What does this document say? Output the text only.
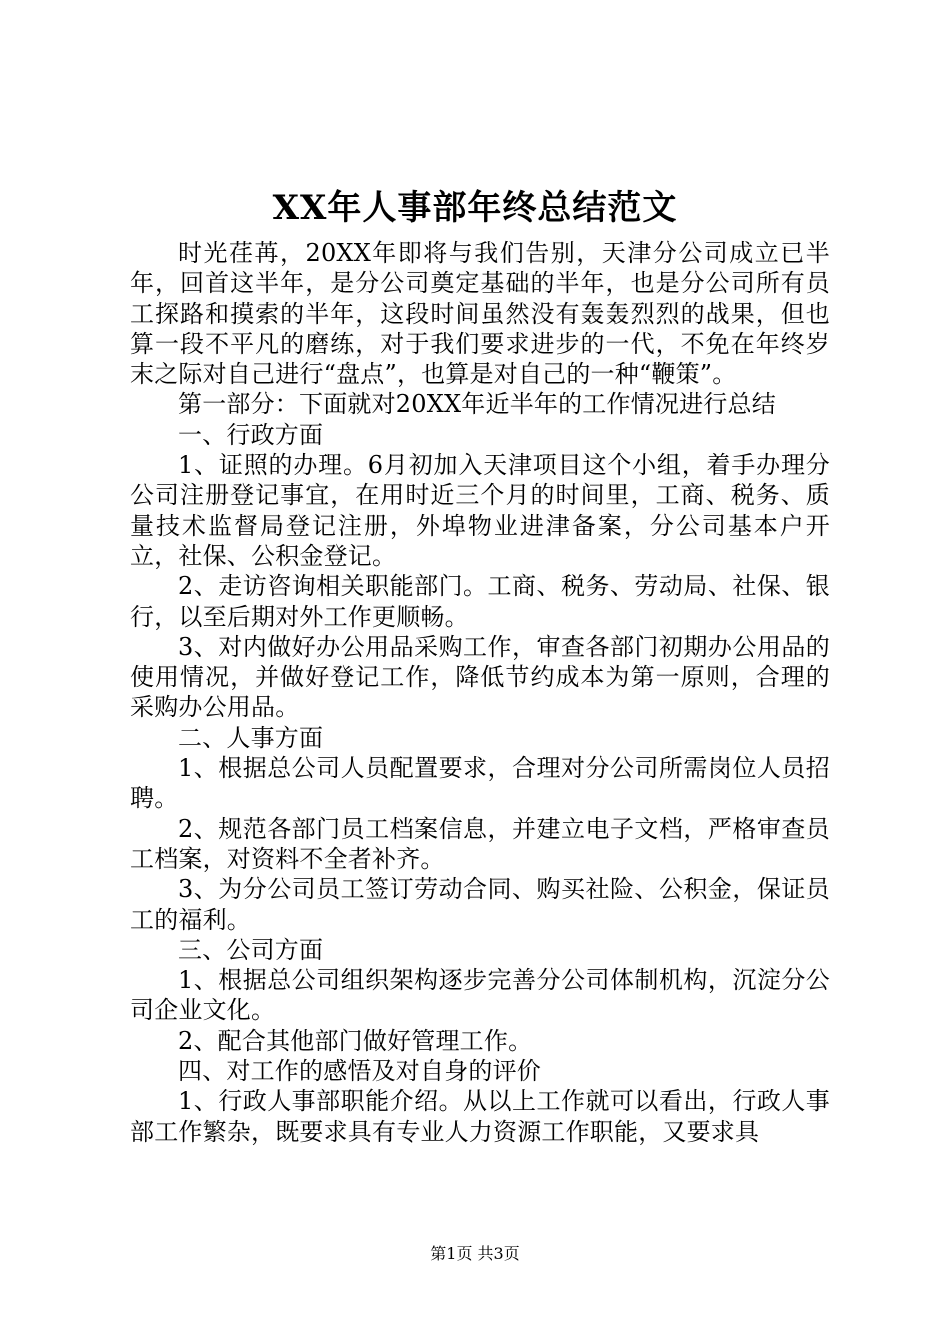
XX年人事部年终总结范文

时光荏苒，20XX年即将与我们告别，天津分公司成立已半年，回首这半年，是分公司奠定基础的半年，也是分公司所有员工探路和摸索的半年，这段时间虽然没有轰轰烈烈的战果，但也算一段不平凡的磨练，对于我们要求进步的一代，不免在年终岁末之际对自己进行“盘点”，也算是对自己的一种“鞭策”。

第一部分：下面就对20XX年近半年的工作情况进行总结

一、行政方面

1、证照的办理。6月初加入天津项目这个小组，着手办理分公司注册登记事宜，在用时近三个月的时间里，工商、税务、质量技术监督局登记注册，外埠物业进津备案，分公司基本户开立，社保、公积金登记。

2、走访咨询相关职能部门。工商、税务、劳动局、社保、银行，以至后期对外工作更顺畅。

3、对内做好办公用品采购工作，审查各部门初期办公用品的使用情况，并做好登记工作，降低节约成本为第一原则，合理的采购办公用品。

二、人事方面

1、根据总公司人员配置要求，合理对分公司所需岗位人员招聘。

2、规范各部门员工档案信息，并建立电子文档，严格审查员工档案，对资料不全者补齐。

3、为分公司员工签订劳动合同、购买社险、公积金，保证员工的福利。

三、公司方面

1、根据总公司组织架构逐步完善分公司体制机构，沉淀分公司企业文化。

2、配合其他部门做好管理工作。

四、对工作的感悟及对自身的评价

1、行政人事部职能介绍。从以上工作就可以看出，行政人事部工作繁杂，既要求具有专业人力资源工作职能，又要求具

第1页 共3页
